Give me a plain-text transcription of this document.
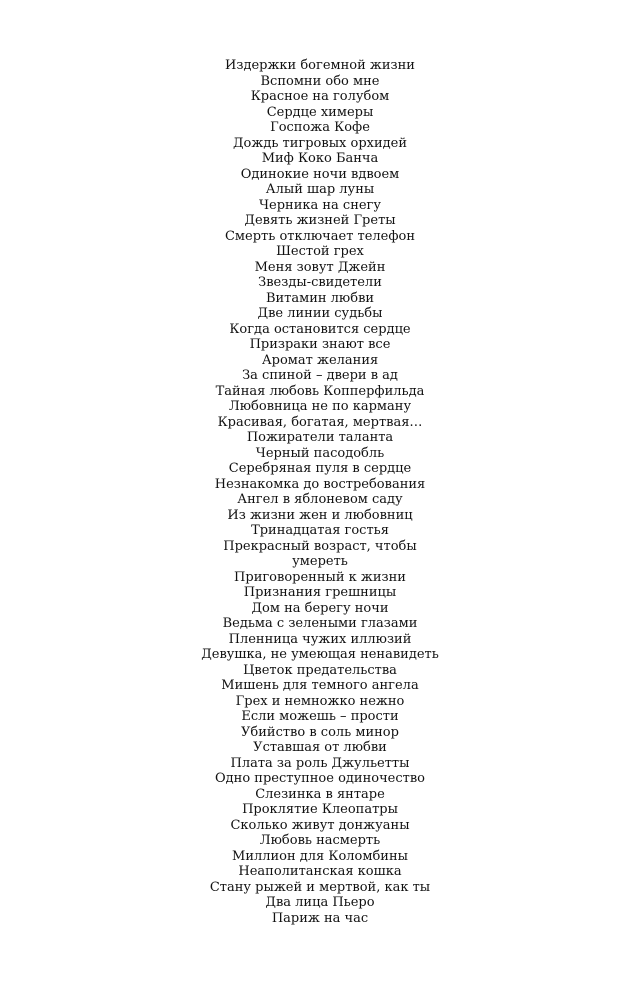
Издержки богемной жизни
Вспомни обо мне
Красное на голубом
Сердце химеры
Госпожа Кофе
Дождь тигровых орхидей
Миф Коко Банча
Одинокие ночи вдвоем
Алый шар луны
Черника на снегу
Девять жизней Греты
Смерть отключает телефон
Шестой грех
Меня зовут Джейн
Звезды-свидетели
Витамин любви
Две линии судьбы
Когда остановится сердце
Призраки знают все
Аромат желания
За спиной – двери в ад
Тайная любовь Копперфильда
Любовница не по карману
Красивая, богатая, мертвая…
Пожиратели таланта
Черный пасодобль
Серебряная пуля в сердце
Незнакомка до востребования
Ангел в яблоневом саду
Из жизни жен и любовниц
Тринадцатая гостья
Прекрасный возраст, чтобы
умереть
Приговоренный к жизни
Признания грешницы
Дом на берегу ночи
Ведьма с зелеными глазами
Пленница чужих иллюзий
Девушка, не умеющая ненавидеть
Цветок предательства
Мишень для темного ангела
Грех и немножко нежно
Если можешь – прости
Убийство в соль минор
Уставшая от любви
Плата за роль Джульетты
Одно преступное одиночество
Слезинка в янтаре
Проклятие Клеопатры
Сколько живут донжуаны
Любовь насмерть
Миллион для Коломбины
Неаполитанская кошка
Стану рыжей и мертвой, как ты
Два лица Пьеро
Париж на час
